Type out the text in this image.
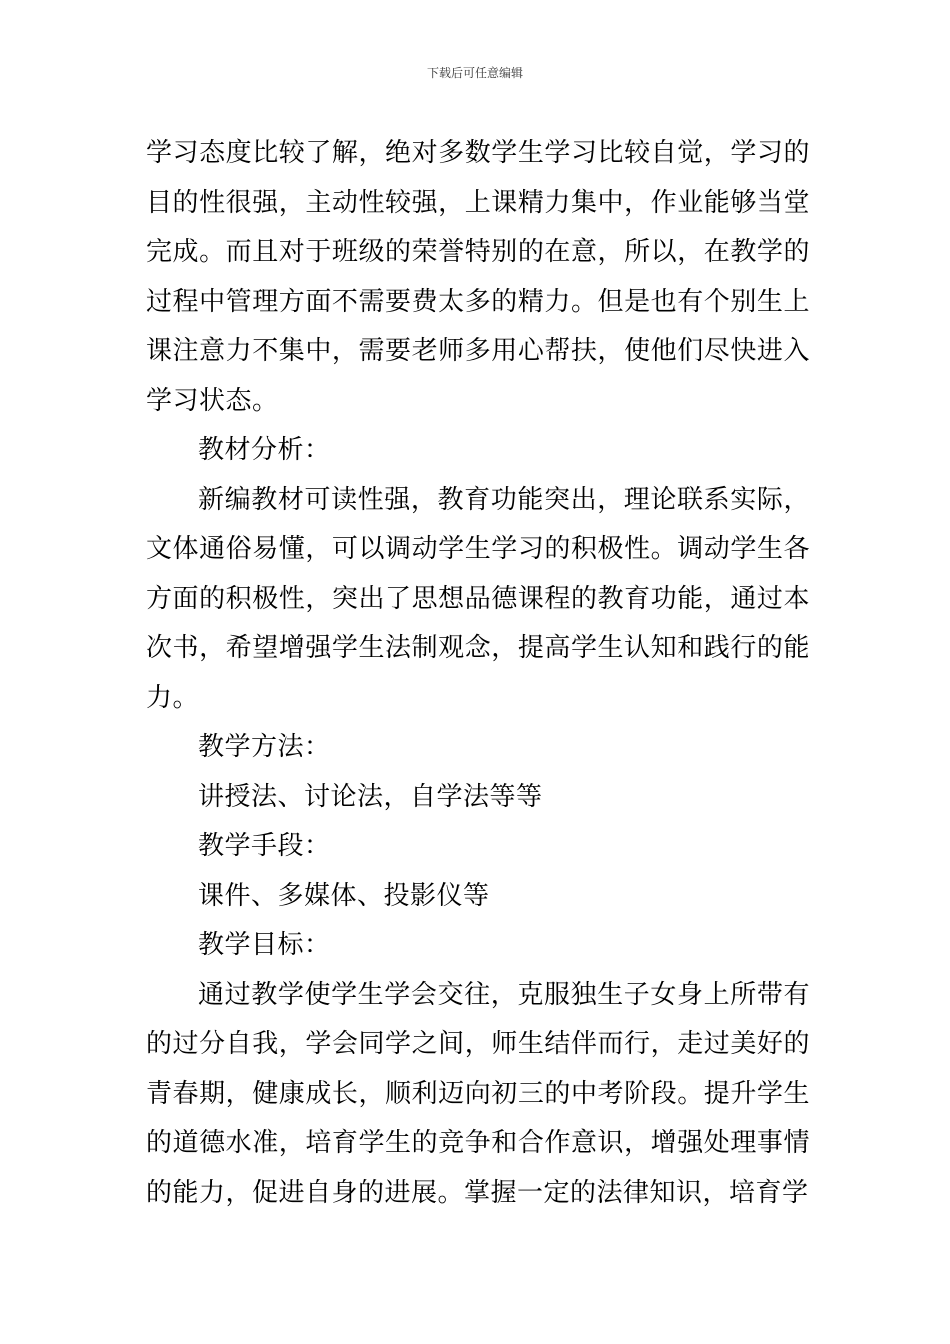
下载后可任意编辑

学习态度比较了解，绝对多数学生学习比较自觉，学习的目的性很强，主动性较强，上课精力集中，作业能够当堂完成。而且对于班级的荣誉特别的在意，所以，在教学的过程中管理方面不需要费太多的精力。但是也有个别生上课注意力不集中，需要老师多用心帮扶，使他们尽快进入学习状态。

教材分析：

新编教材可读性强，教育功能突出，理论联系实际，文体通俗易懂，可以调动学生学习的积极性。调动学生各方面的积极性，突出了思想品德课程的教育功能，通过本次书，希望增强学生法制观念，提高学生认知和践行的能力。

教学方法：

讲授法、讨论法，自学法等等

教学手段：

课件、多媒体、投影仪等

教学目标：

通过教学使学生学会交往，克服独生子女身上所带有的过分自我，学会同学之间，师生结伴而行，走过美好的青春期，健康成长，顺利迈向初三的中考阶段。提升学生的道德水准，培育学生的竞争和合作意识，增强处理事情的能力，促进自身的进展。掌握一定的法律知识，培育学
